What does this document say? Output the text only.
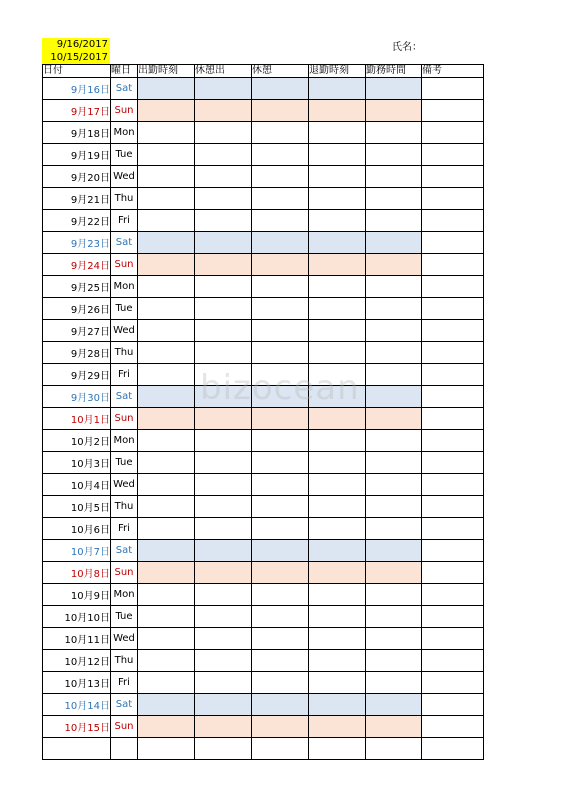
9/16/2017
10/15/2017
氏名：
日付	曜日	出勤時刻	休憩出	休憩	退勤時刻	勤務時間	備考
9月16日	Sat						
9月17日	Sun						
9月18日	Mon						
9月19日	Tue						
9月20日	Wed						
9月21日	Thu						
9月22日	Fri						
9月23日	Sat						
9月24日	Sun						
9月25日	Mon						
9月26日	Tue						
9月27日	Wed						
9月28日	Thu						
9月29日	Fri						
9月30日	Sat						
10月1日	Sun						
10月2日	Mon						
10月3日	Tue						
10月4日	Wed						
10月5日	Thu						
10月6日	Fri						
10月7日	Sat						
10月8日	Sun						
10月9日	Mon						
10月10日	Tue						
10月11日	Wed						
10月12日	Thu						
10月13日	Fri						
10月14日	Sat						
10月15日	Sun						

bizocean
